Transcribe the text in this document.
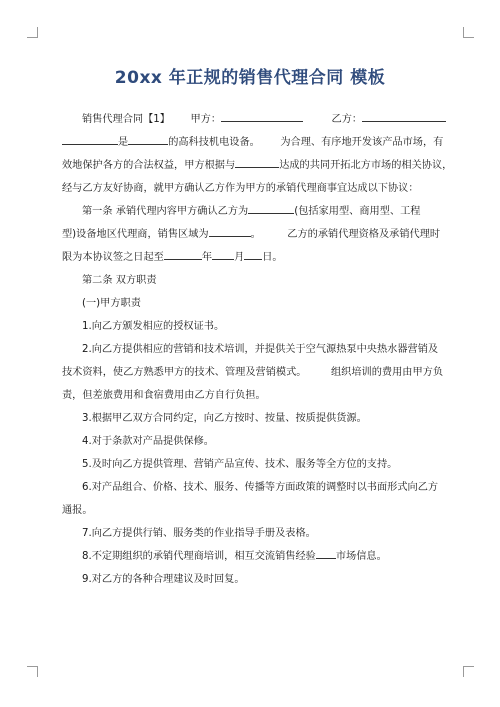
20xx 年正规的销售代理合同 模板
销售代理合同【1】 甲方：	乙方：
是	的高科技机电设备。 为合理、有序地开发该产品市场，有
效地保护各方的合法权益，甲方根据与	达成的共同开拓北方市场的相关协议，
经与乙方友好协商，就甲方确认乙方作为甲方的承销代理商事宜达成以下协议：
第一条 承销代理内容甲方确认乙方为	(包括家用型、商用型、工程
型)设备地区代理商，销售区域为	。	乙方的承销代理资格及承销代理时
限为本协议签之日起至	年 月 日。
第二条 双方职责
(一)甲方职责
1.向乙方颁发相应的授权证书。
2.向乙方提供相应的营销和技术培训，并提供关于空气源热泵中央热水器营销及
技术资料，使乙方熟悉甲方的技术、管理及营销模式。 组织培训的费用由甲方负
责，但差旅费用和食宿费用由乙方自行负担。
3.根据甲乙双方合同约定，向乙方按时、按量、按质提供货源。
4.对于条款对产品提供保修。
5.及时向乙方提供管理、营销产品宣传、技术、服务等全方位的支持。
6.对产品组合、价格、技术、服务、传播等方面政策的调整时以书面形式向乙方
通报。
7.向乙方提供行销、服务类的作业指导手册及表格。
8.不定期组织的承销代理商培训，相互交流销售经验 市场信息。
9.对乙方的各种合理建议及时回复。
